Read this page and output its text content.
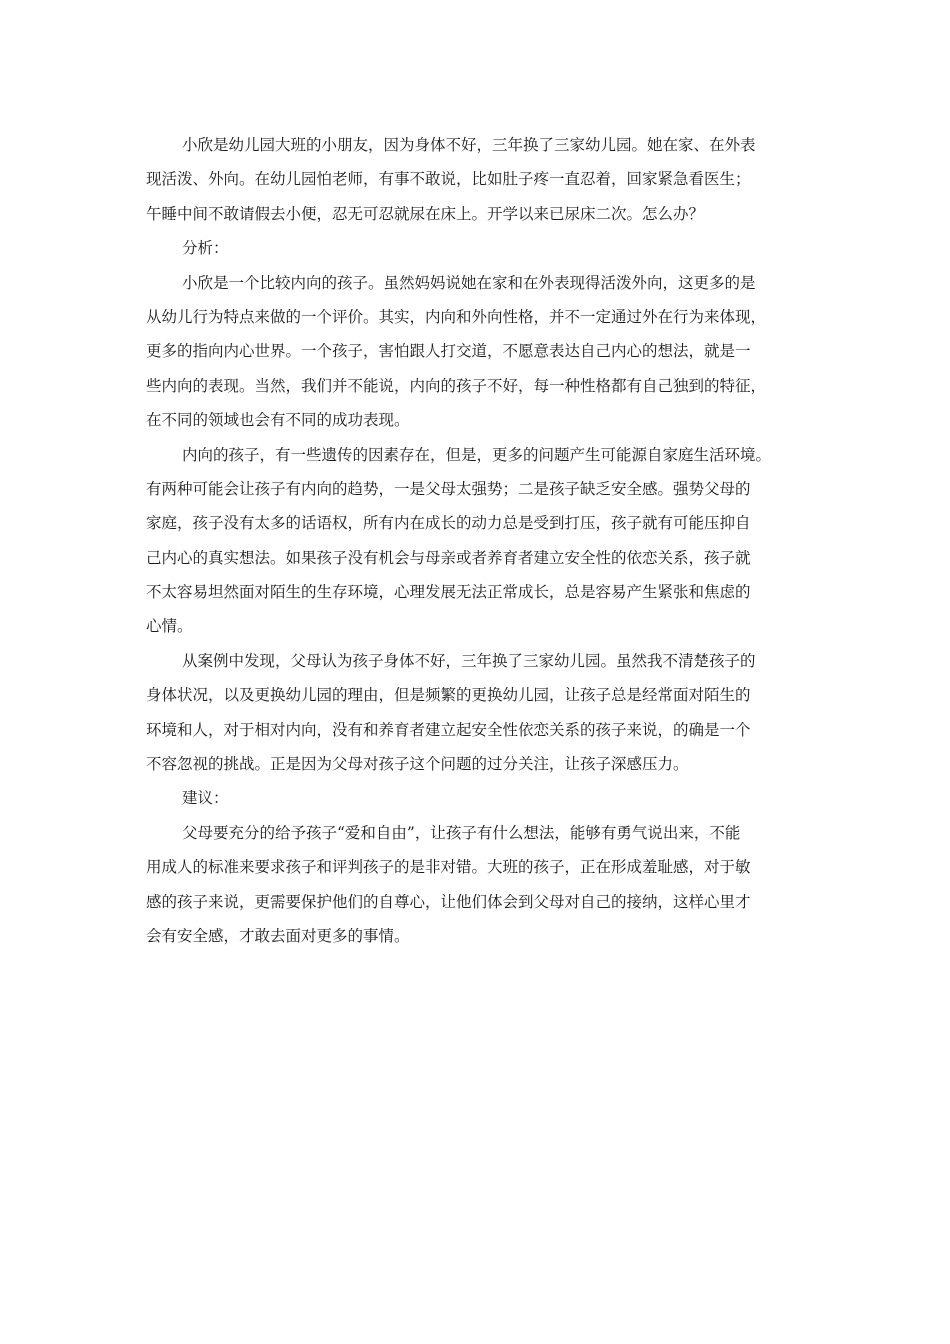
小欣是幼儿园大班的小朋友，因为身体不好，三年换了三家幼儿园。她在家、在外表
现活泼、外向。在幼儿园怕老师，有事不敢说，比如肚子疼一直忍着，回家紧急看医生；
午睡中间不敢请假去小便，忍无可忍就尿在床上。开学以来已尿床二次。怎么办？
分析：
小欣是一个比较内向的孩子。虽然妈妈说她在家和在外表现得活泼外向，这更多的是
从幼儿行为特点来做的一个评价。其实，内向和外向性格，并不一定通过外在行为来体现，
更多的指向内心世界。一个孩子，害怕跟人打交道，不愿意表达自己内心的想法，就是一
些内向的表现。当然，我们并不能说，内向的孩子不好，每一种性格都有自己独到的特征，
在不同的领域也会有不同的成功表现。
内向的孩子，有一些遗传的因素存在，但是，更多的问题产生可能源自家庭生活环境。
有两种可能会让孩子有内向的趋势，一是父母太强势；二是孩子缺乏安全感。强势父母的
家庭，孩子没有太多的话语权，所有内在成长的动力总是受到打压，孩子就有可能压抑自
己内心的真实想法。如果孩子没有机会与母亲或者养育者建立安全性的依恋关系，孩子就
不太容易坦然面对陌生的生存环境，心理发展无法正常成长，总是容易产生紧张和焦虑的
心情。
从案例中发现，父母认为孩子身体不好，三年换了三家幼儿园。虽然我不清楚孩子的
身体状况，以及更换幼儿园的理由，但是频繁的更换幼儿园，让孩子总是经常面对陌生的
环境和人，对于相对内向，没有和养育者建立起安全性依恋关系的孩子来说，的确是一个
不容忽视的挑战。正是因为父母对孩子这个问题的过分关注，让孩子深感压力。
建议：
父母要充分的给予孩子“爱和自由”，让孩子有什么想法，能够有勇气说出来，不能
用成人的标准来要求孩子和评判孩子的是非对错。大班的孩子，正在形成羞耻感，对于敏
感的孩子来说，更需要保护他们的自尊心，让他们体会到父母对自己的接纳，这样心里才
会有安全感，才敢去面对更多的事情。
